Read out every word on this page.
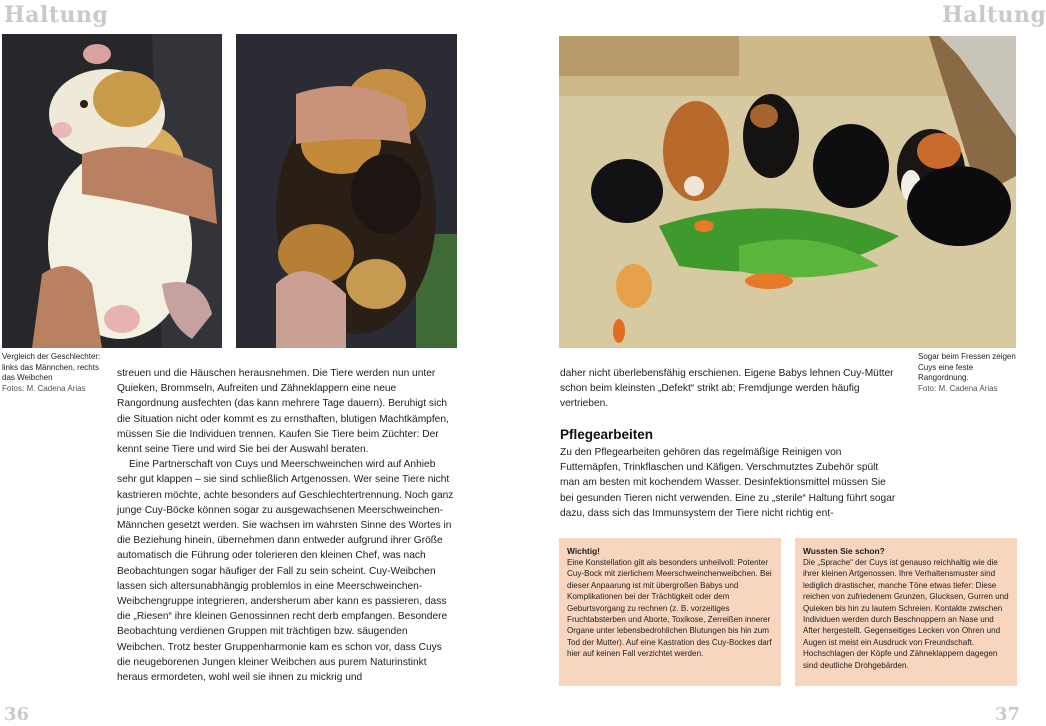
Haltung
Vergleich der Geschlechter: links das Männchen, rechts das Weibchen
Fotos: M. Cadena Arias

streuen und die Häuschen herausnehmen. Die Tiere werden nun unter Quieken, Brommseln, Aufreiten und Zähneklappern eine neue Rangordnung ausfechten (das kann mehrere Tage dauern). Beruhigt sich die Situation nicht oder kommt es zu ernsthaften, blutigen Machtkämpfen, müssen Sie die Individuen trennen. Kaufen Sie Tiere beim Züchter: Der kennt seine Tiere und wird Sie bei der Auswahl beraten.

Eine Partnerschaft von Cuys und Meerschweinchen wird auf Anhieb sehr gut klappen – sie sind schließlich Artgenossen. Wer seine Tiere nicht kastrieren möchte, achte besonders auf Geschlechtertrennung. Noch ganz junge Cuy-Böcke können sogar zu ausgewachsenen Meerschweinchen-Männchen gesetzt werden. Sie wachsen im wahrsten Sinne des Wortes in die Beziehung hinein, übernehmen dann entweder aufgrund ihrer Größe automatisch die Führung oder tolerieren den kleinen Chef, was nach Beobachtungen sogar häufiger der Fall zu sein scheint. Cuy-Weibchen lassen sich altersunabhängig problemlos in eine Meerschweinchen-Weibchengruppe integrieren, andersherum aber kann es passieren, dass die „Riesen“ ihre kleinen Genossinnen recht derb empfangen. Besondere Beobachtung verdienen Gruppen mit trächtigen bzw. säugenden Weibchen. Trotz bester Gruppenharmonie kam es schon vor, dass Cuys die neugeborenen Jungen kleiner Weibchen aus purem Naturinstinkt heraus ermordeten, wohl weil sie ihnen zu mickrig und

36
Haltung
Sogar beim Fressen zeigen Cuys eine feste Rangordnung.
Foto: M. Cadena Arias

daher nicht überlebensfähig erschienen. Eigene Babys lehnen Cuy-Mütter schon beim kleinsten „Defekt“ strikt ab; Fremdjunge werden häufig vertrieben.

Pflegearbeiten

Zu den Pflegearbeiten gehören das regelmäßige Reinigen von Futternäpfen, Trinkflaschen und Käfigen. Verschmutztes Zubehör spült man am besten mit kochendem Wasser. Desinfektionsmittel müssen Sie bei gesunden Tieren nicht verwenden. Eine zu „sterile“ Haltung führt sogar dazu, dass sich das Immunsystem der Tiere nicht richtig ent-

Wichtig!

Eine Konstellation gilt als besonders unheilvoll: Potenter Cuy-Bock mit zierlichem Meerschweinchenweibchen. Bei dieser Anpaarung ist mit übergroßen Babys und Komplikationen bei der Trächtigkeit oder dem Geburtsvorgang zu rechnen (z. B. vorzeitiges Fruchtabsterben und Aborte, Toxikose, Zerreißen innerer Organe unter lebensbedrohlichen Blutungen bis hin zum Tod der Mutter). Auf eine Kastration des Cuy-Bockes darf hier auf keinen Fall verzichtet werden.

Wussten Sie schon?

Die „Sprache“ der Cuys ist genauso reichhaltig wie die ihrer kleinen Artgenossen. Ihre Verhaltensmuster sind lediglich drastischer, manche Töne etwas tiefer: Diese reichen von zufriedenem Grunzen, Glucksen, Gurren und Quieken bis hin zu lautem Schreien. Kontakte zwischen Individuen werden durch Beschnuppern an Nase und After hergestellt. Gegenseitiges Lecken von Ohren und Augen ist meist ein Ausdruck von Freundschaft. Hochschlagen der Köpfe und Zähneklappern dagegen sind deutliche Drohgebärden.

37
